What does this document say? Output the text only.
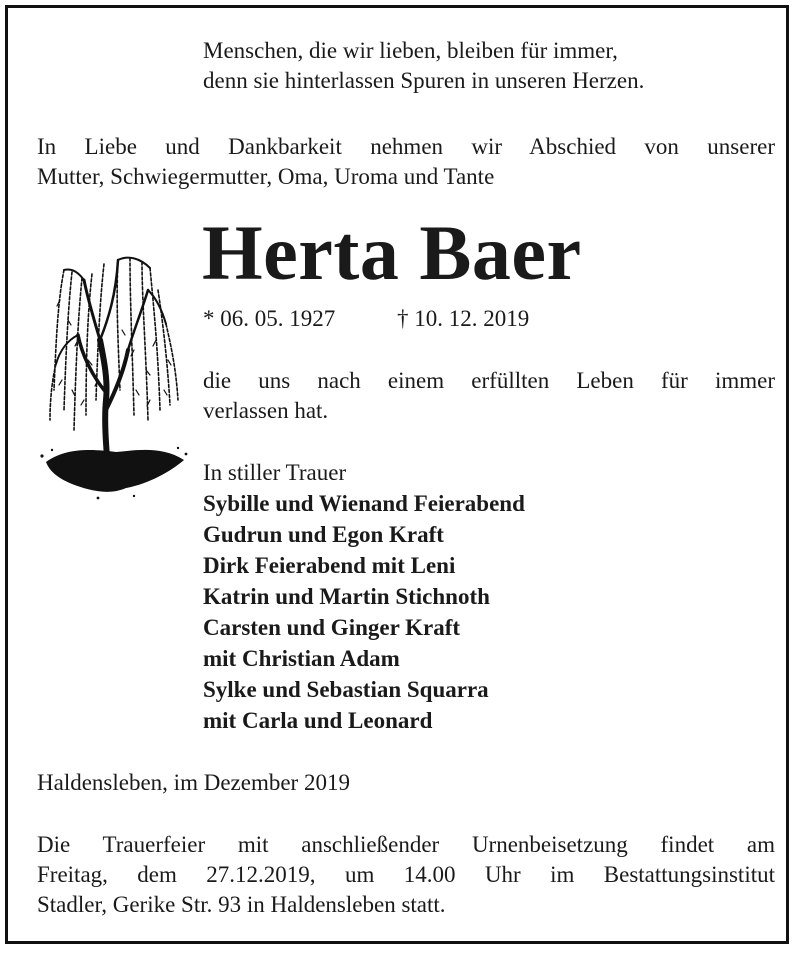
Menschen, die wir lieben, bleiben für immer,
denn sie hinterlassen Spuren in unseren Herzen.
In Liebe und Dankbarkeit nehmen wir Abschied von unserer
Mutter, Schwiegermutter, Oma, Uroma und Tante
Herta Baer
* 06. 05. 1927	† 10. 12. 2019
die uns nach einem erfüllten Leben für immer
verlassen hat.
In stiller Trauer
Sybille und Wienand Feierabend
Gudrun und Egon Kraft
Dirk Feierabend mit Leni
Katrin und Martin Stichnoth
Carsten und Ginger Kraft
mit Christian Adam
Sylke und Sebastian Squarra
mit Carla und Leonard
Haldensleben, im Dezember 2019
Die Trauerfeier mit anschließender Urnenbeisetzung findet am
Freitag, dem 27.12.2019, um 14.00 Uhr im Bestattungsinstitut
Stadler, Gerike Str. 93 in Haldensleben statt.
